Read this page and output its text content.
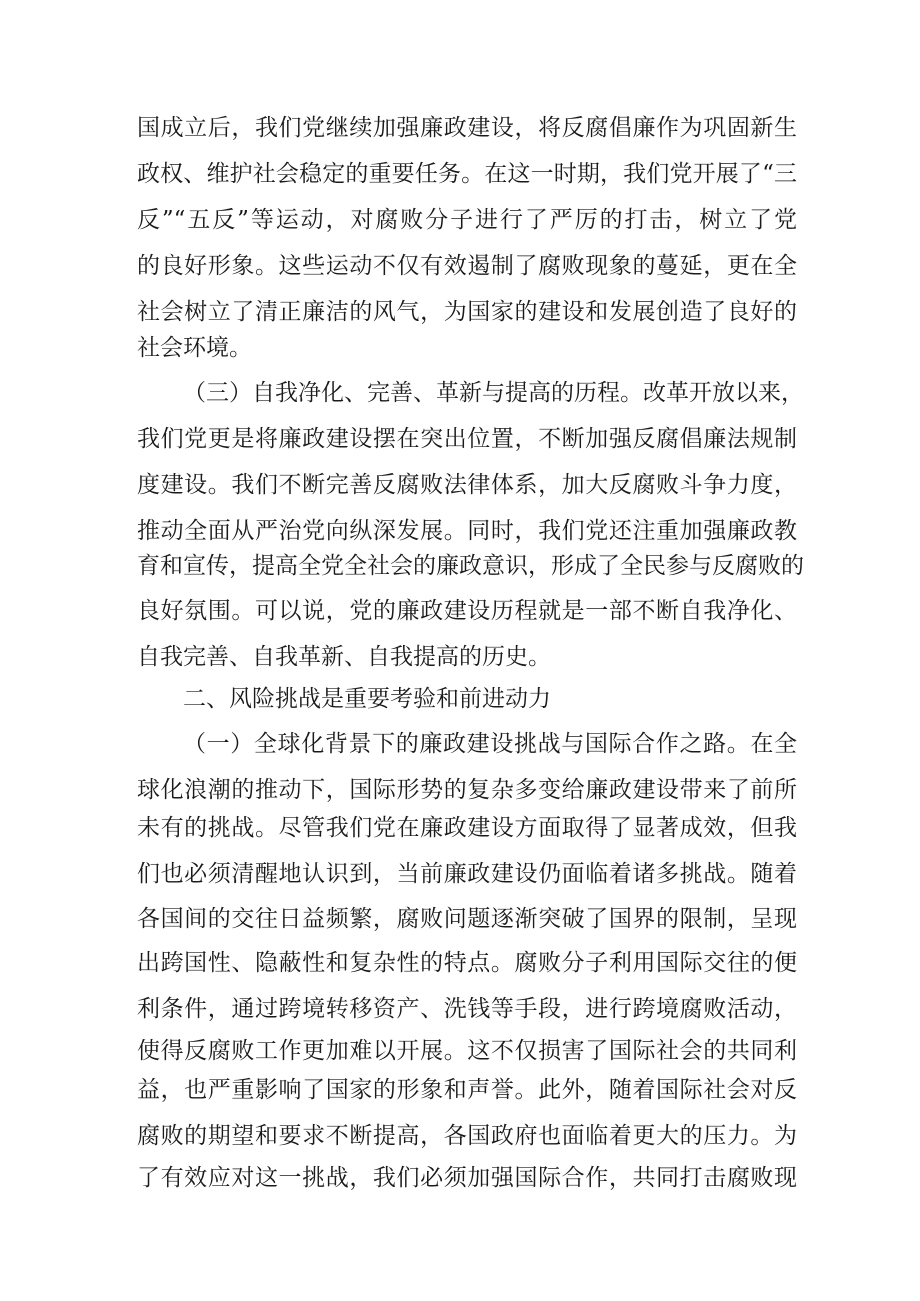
国成立后，我们党继续加强廉政建设，将反腐倡廉作为巩固新生
政权、维护社会稳定的重要任务。在这一时期，我们党开展了“三
反”“五反”等运动，对腐败分子进行了严厉的打击，树立了党
的良好形象。这些运动不仅有效遏制了腐败现象的蔓延，更在全
社会树立了清正廉洁的风气，为国家的建设和发展创造了良好的
社会环境。
（三）自我净化、完善、革新与提高的历程。改革开放以来，
我们党更是将廉政建设摆在突出位置，不断加强反腐倡廉法规制
度建设。我们不断完善反腐败法律体系，加大反腐败斗争力度，
推动全面从严治党向纵深发展。同时，我们党还注重加强廉政教
育和宣传，提高全党全社会的廉政意识，形成了全民参与反腐败的
良好氛围。可以说，党的廉政建设历程就是一部不断自我净化、
自我完善、自我革新、自我提高的历史。
二、风险挑战是重要考验和前进动力
（一）全球化背景下的廉政建设挑战与国际合作之路。在全
球化浪潮的推动下，国际形势的复杂多变给廉政建设带来了前所
未有的挑战。尽管我们党在廉政建设方面取得了显著成效，但我
们也必须清醒地认识到，当前廉政建设仍面临着诸多挑战。随着
各国间的交往日益频繁，腐败问题逐渐突破了国界的限制，呈现
出跨国性、隐蔽性和复杂性的特点。腐败分子利用国际交往的便
利条件，通过跨境转移资产、洗钱等手段，进行跨境腐败活动，
使得反腐败工作更加难以开展。这不仅损害了国际社会的共同利
益，也严重影响了国家的形象和声誉。此外，随着国际社会对反
腐败的期望和要求不断提高，各国政府也面临着更大的压力。为
了有效应对这一挑战，我们必须加强国际合作，共同打击腐败现
